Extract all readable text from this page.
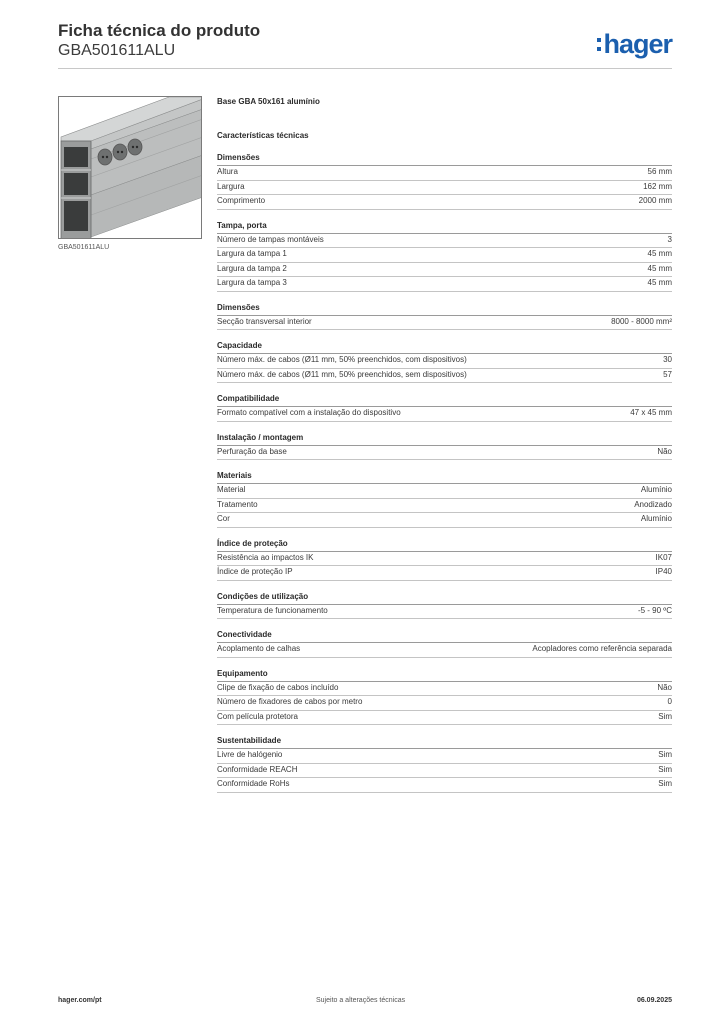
Ficha técnica do produto
GBA501611ALU	hager
GBA501611ALU
Base GBA 50x161 alumínio
Características técnicas
Dimensões
Altura	56 mm
Largura	162 mm
Comprimento	2000 mm
Tampa, porta
Número de tampas montáveis	3
Largura da tampa 1	45 mm
Largura da tampa 2	45 mm
Largura da tampa 3	45 mm
Dimensões
Secção transversal interior	8000 - 8000 mm²
Capacidade
Número máx. de cabos (Ø11 mm, 50% preenchidos, com dispositivos)	30
Número máx. de cabos (Ø11 mm, 50% preenchidos, sem dispositivos)	57
Compatibilidade
Formato compatível com a instalação do dispositivo	47 x 45 mm
Instalação / montagem
Perfuração da base	Não
Materiais
Material	Alumínio
Tratamento	Anodizado
Cor	Alumínio
Índice de proteção
Resistência ao impactos IK	IK07
Índice de proteção IP	IP40
Condições de utilização
Temperatura de funcionamento	-5 - 90 ºC
Conectividade
Acoplamento de calhas	Acopladores como referência separada
Equipamento
Clipe de fixação de cabos incluído	Não
Número de fixadores de cabos por metro	0
Com película protetora	Sim
Sustentabilidade
Livre de halógenio	Sim
Conformidade REACH	Sim
Conformidade RoHs	Sim
hager.com/pt	Sujeito a alterações técnicas	06.09.2025
